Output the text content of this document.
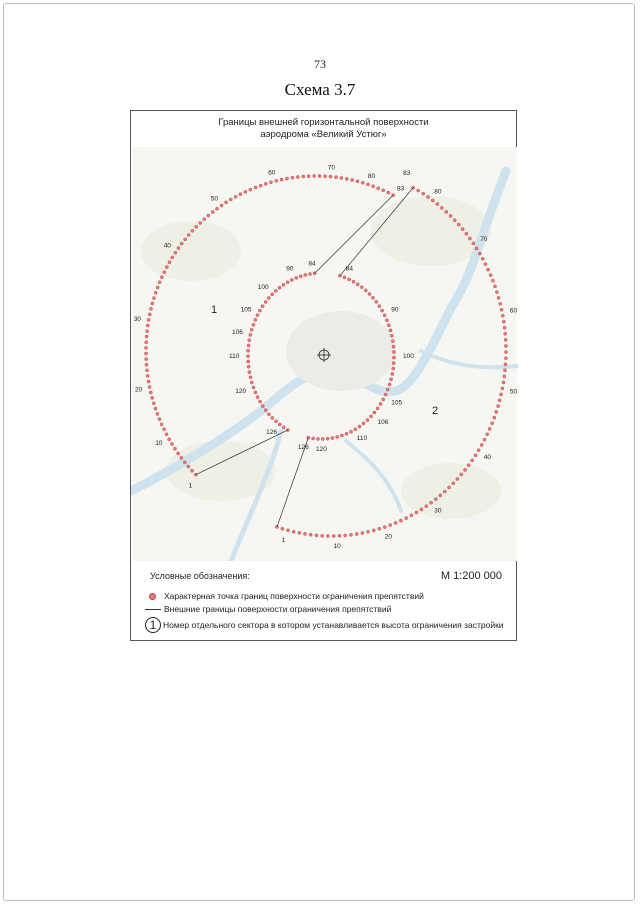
73
Схема 3.7
1
10
20
30
40
50
60
70
80
83
83
80
70
60
50
40
30
20
10
1
84
90
100
105
106
110
120
126
84
90
100
105
106
110
120
126
1
2
Границы внешней горизонтальной поверхности
аэродрома «Великий Устюг»
Условные обозначения:	М 1:200 000
Характерная точка границ поверхности ограничения препятствий
Внешние границы поверхности ограничения препятствий
1 Номер отдельного сектора в котором устанавливается высота ограничения застройки
